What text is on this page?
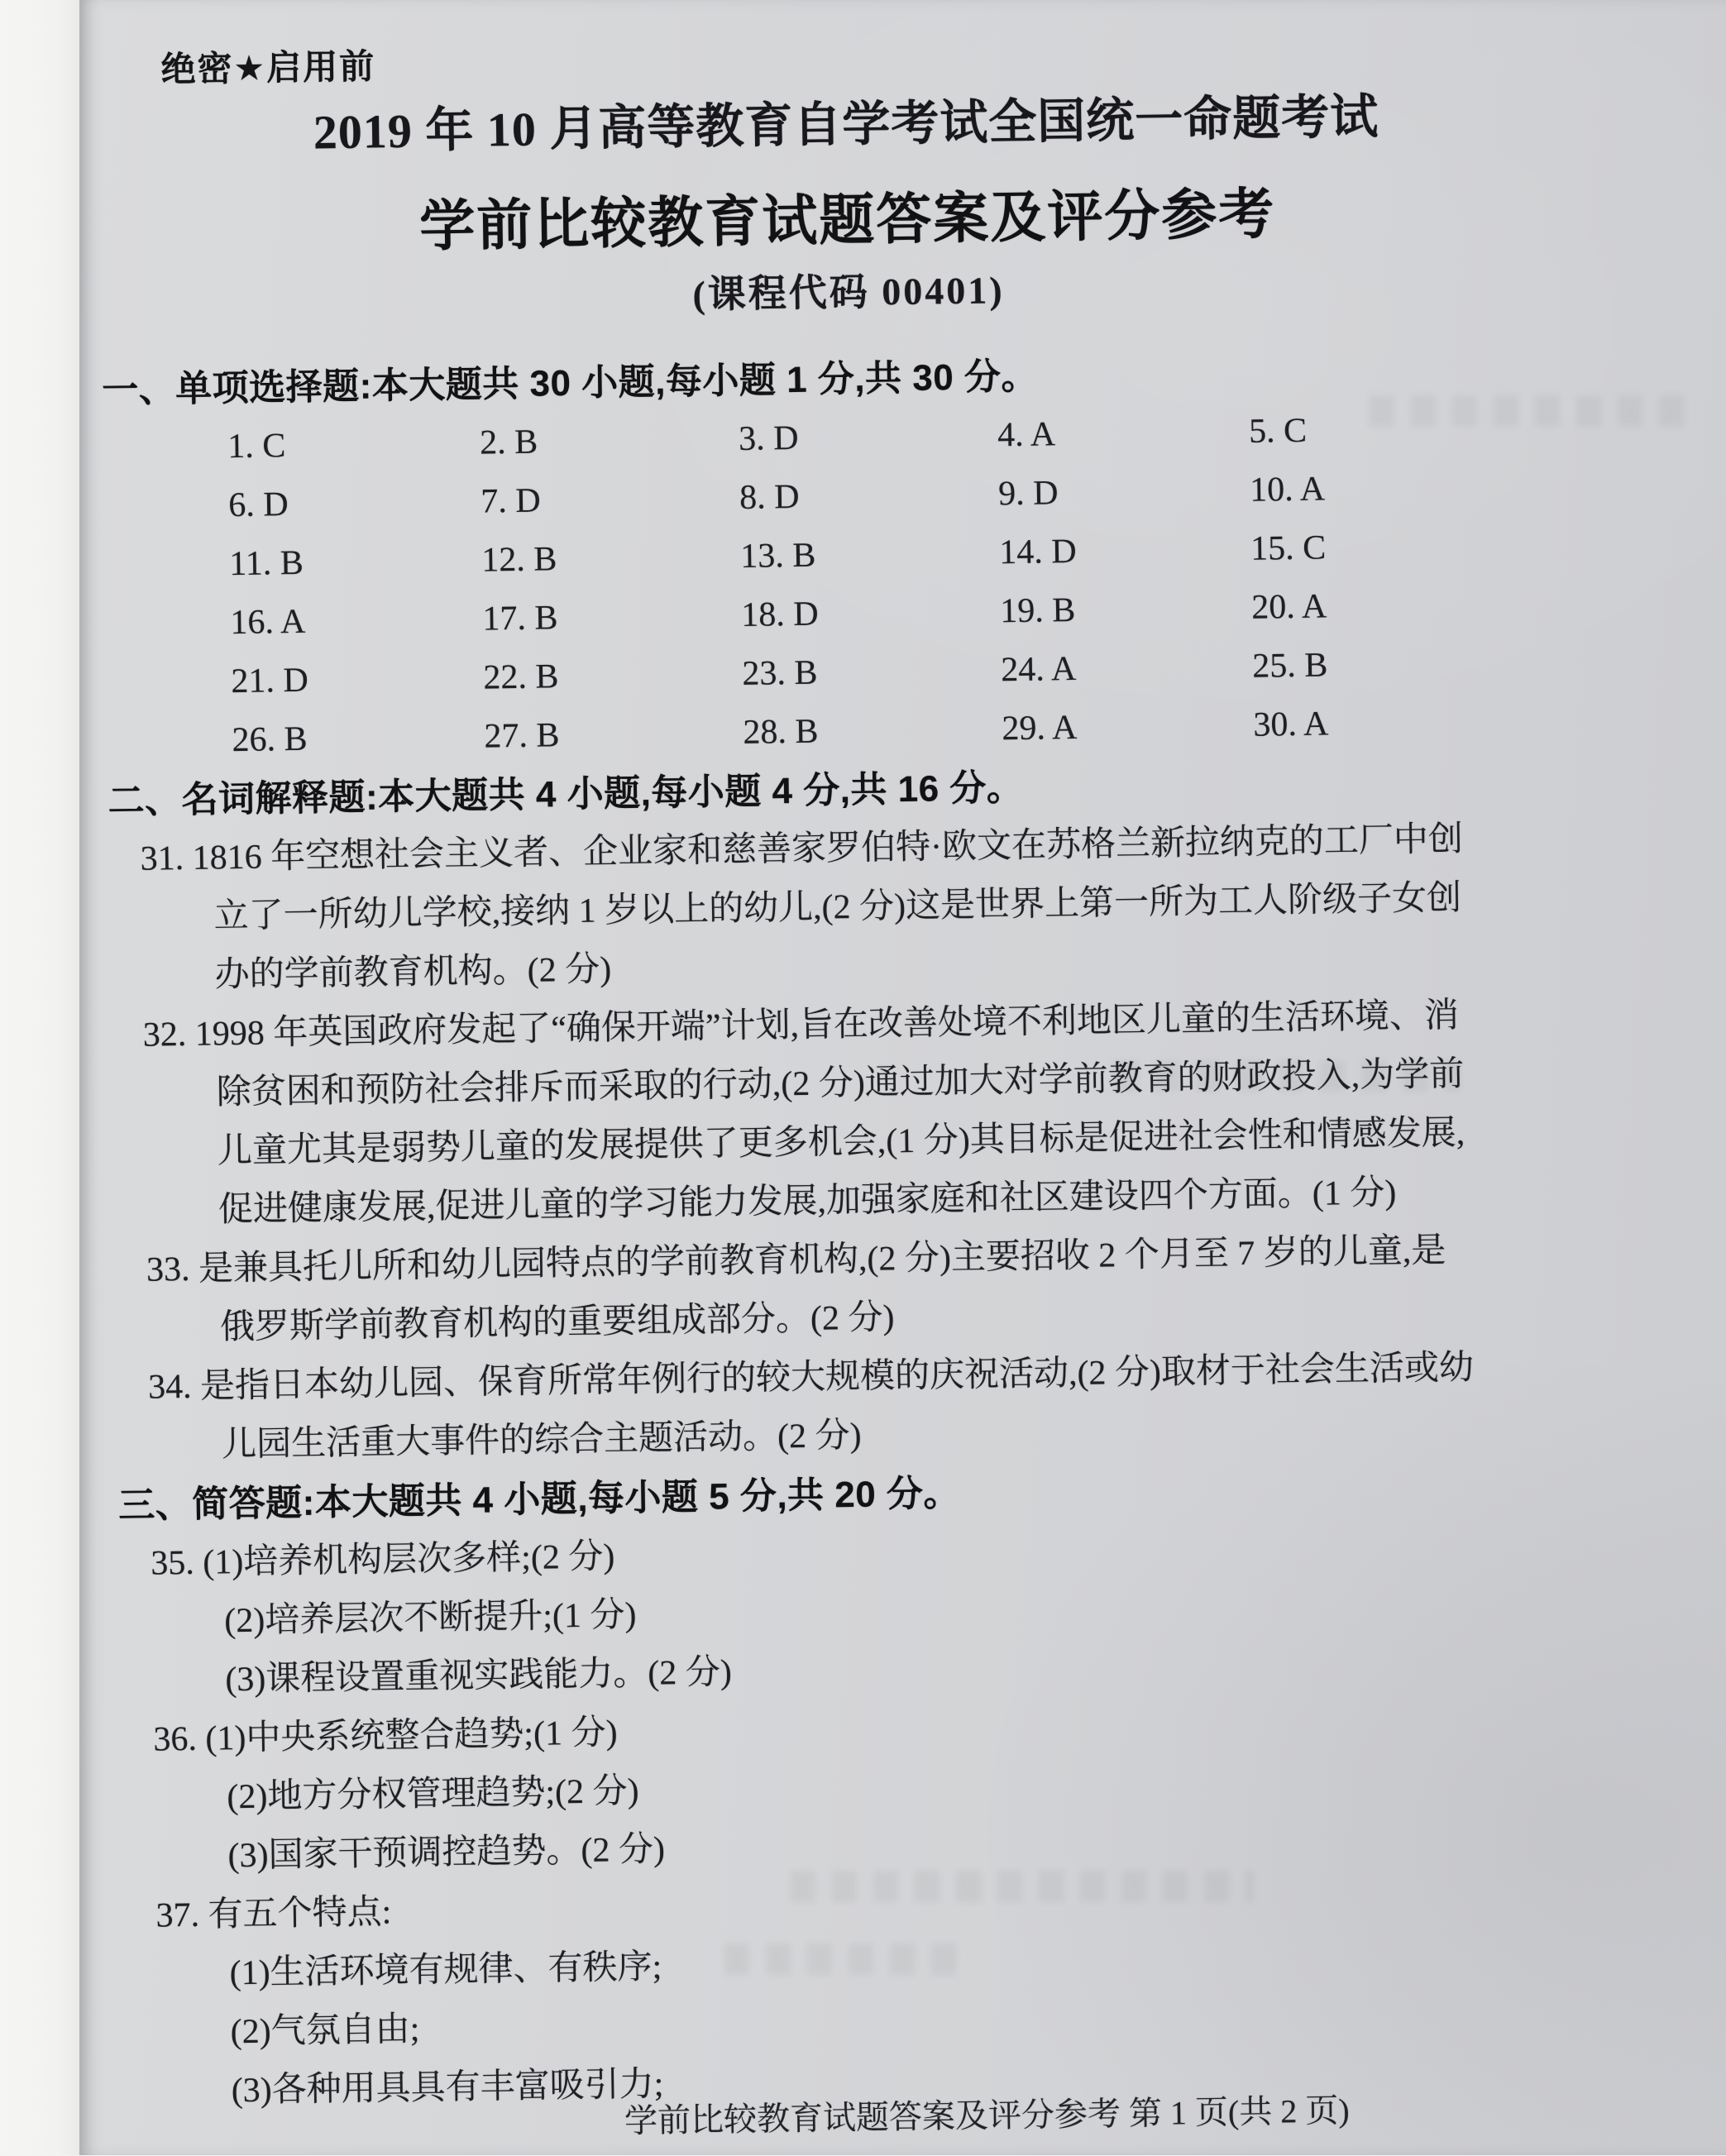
绝密★启用前
2019 年 10 月高等教育自学考试全国统一命题考试
学前比较教育试题答案及评分参考
(课程代码 00401)
一、单项选择题:本大题共 30 小题,每小题 1 分,共 30 分。
1. C	2. B	3. D	4. A	5. C
6. D	7. D	8. D	9. D	10. A
11. B	12. B	13. B	14. D	15. C
16. A	17. B	18. D	19. B	20. A
21. D	22. B	23. B	24. A	25. B
26. B	27. B	28. B	29. A	30. A
二、名词解释题:本大题共 4 小题,每小题 4 分,共 16 分。
31. 1816 年空想社会主义者、企业家和慈善家罗伯特·欧文在苏格兰新拉纳克的工厂中创
立了一所幼儿学校,接纳 1 岁以上的幼儿,(2 分)这是世界上第一所为工人阶级子女创
办的学前教育机构。(2 分)
32. 1998 年英国政府发起了“确保开端”计划,旨在改善处境不利地区儿童的生活环境、消
除贫困和预防社会排斥而采取的行动,(2 分)通过加大对学前教育的财政投入,为学前
儿童尤其是弱势儿童的发展提供了更多机会,(1 分)其目标是促进社会性和情感发展,
促进健康发展,促进儿童的学习能力发展,加强家庭和社区建设四个方面。(1 分)
33. 是兼具托儿所和幼儿园特点的学前教育机构,(2 分)主要招收 2 个月至 7 岁的儿童,是
俄罗斯学前教育机构的重要组成部分。(2 分)
34. 是指日本幼儿园、保育所常年例行的较大规模的庆祝活动,(2 分)取材于社会生活或幼
儿园生活重大事件的综合主题活动。(2 分)
三、简答题:本大题共 4 小题,每小题 5 分,共 20 分。
35. (1)培养机构层次多样;(2 分)
(2)培养层次不断提升;(1 分)
(3)课程设置重视实践能力。(2 分)
36. (1)中央系统整合趋势;(1 分)
(2)地方分权管理趋势;(2 分)
(3)国家干预调控趋势。(2 分)
37. 有五个特点:
(1)生活环境有规律、有秩序;
(2)气氛自由;
(3)各种用具具有丰富吸引力;
学前比较教育试题答案及评分参考 第 1 页(共 2 页)
